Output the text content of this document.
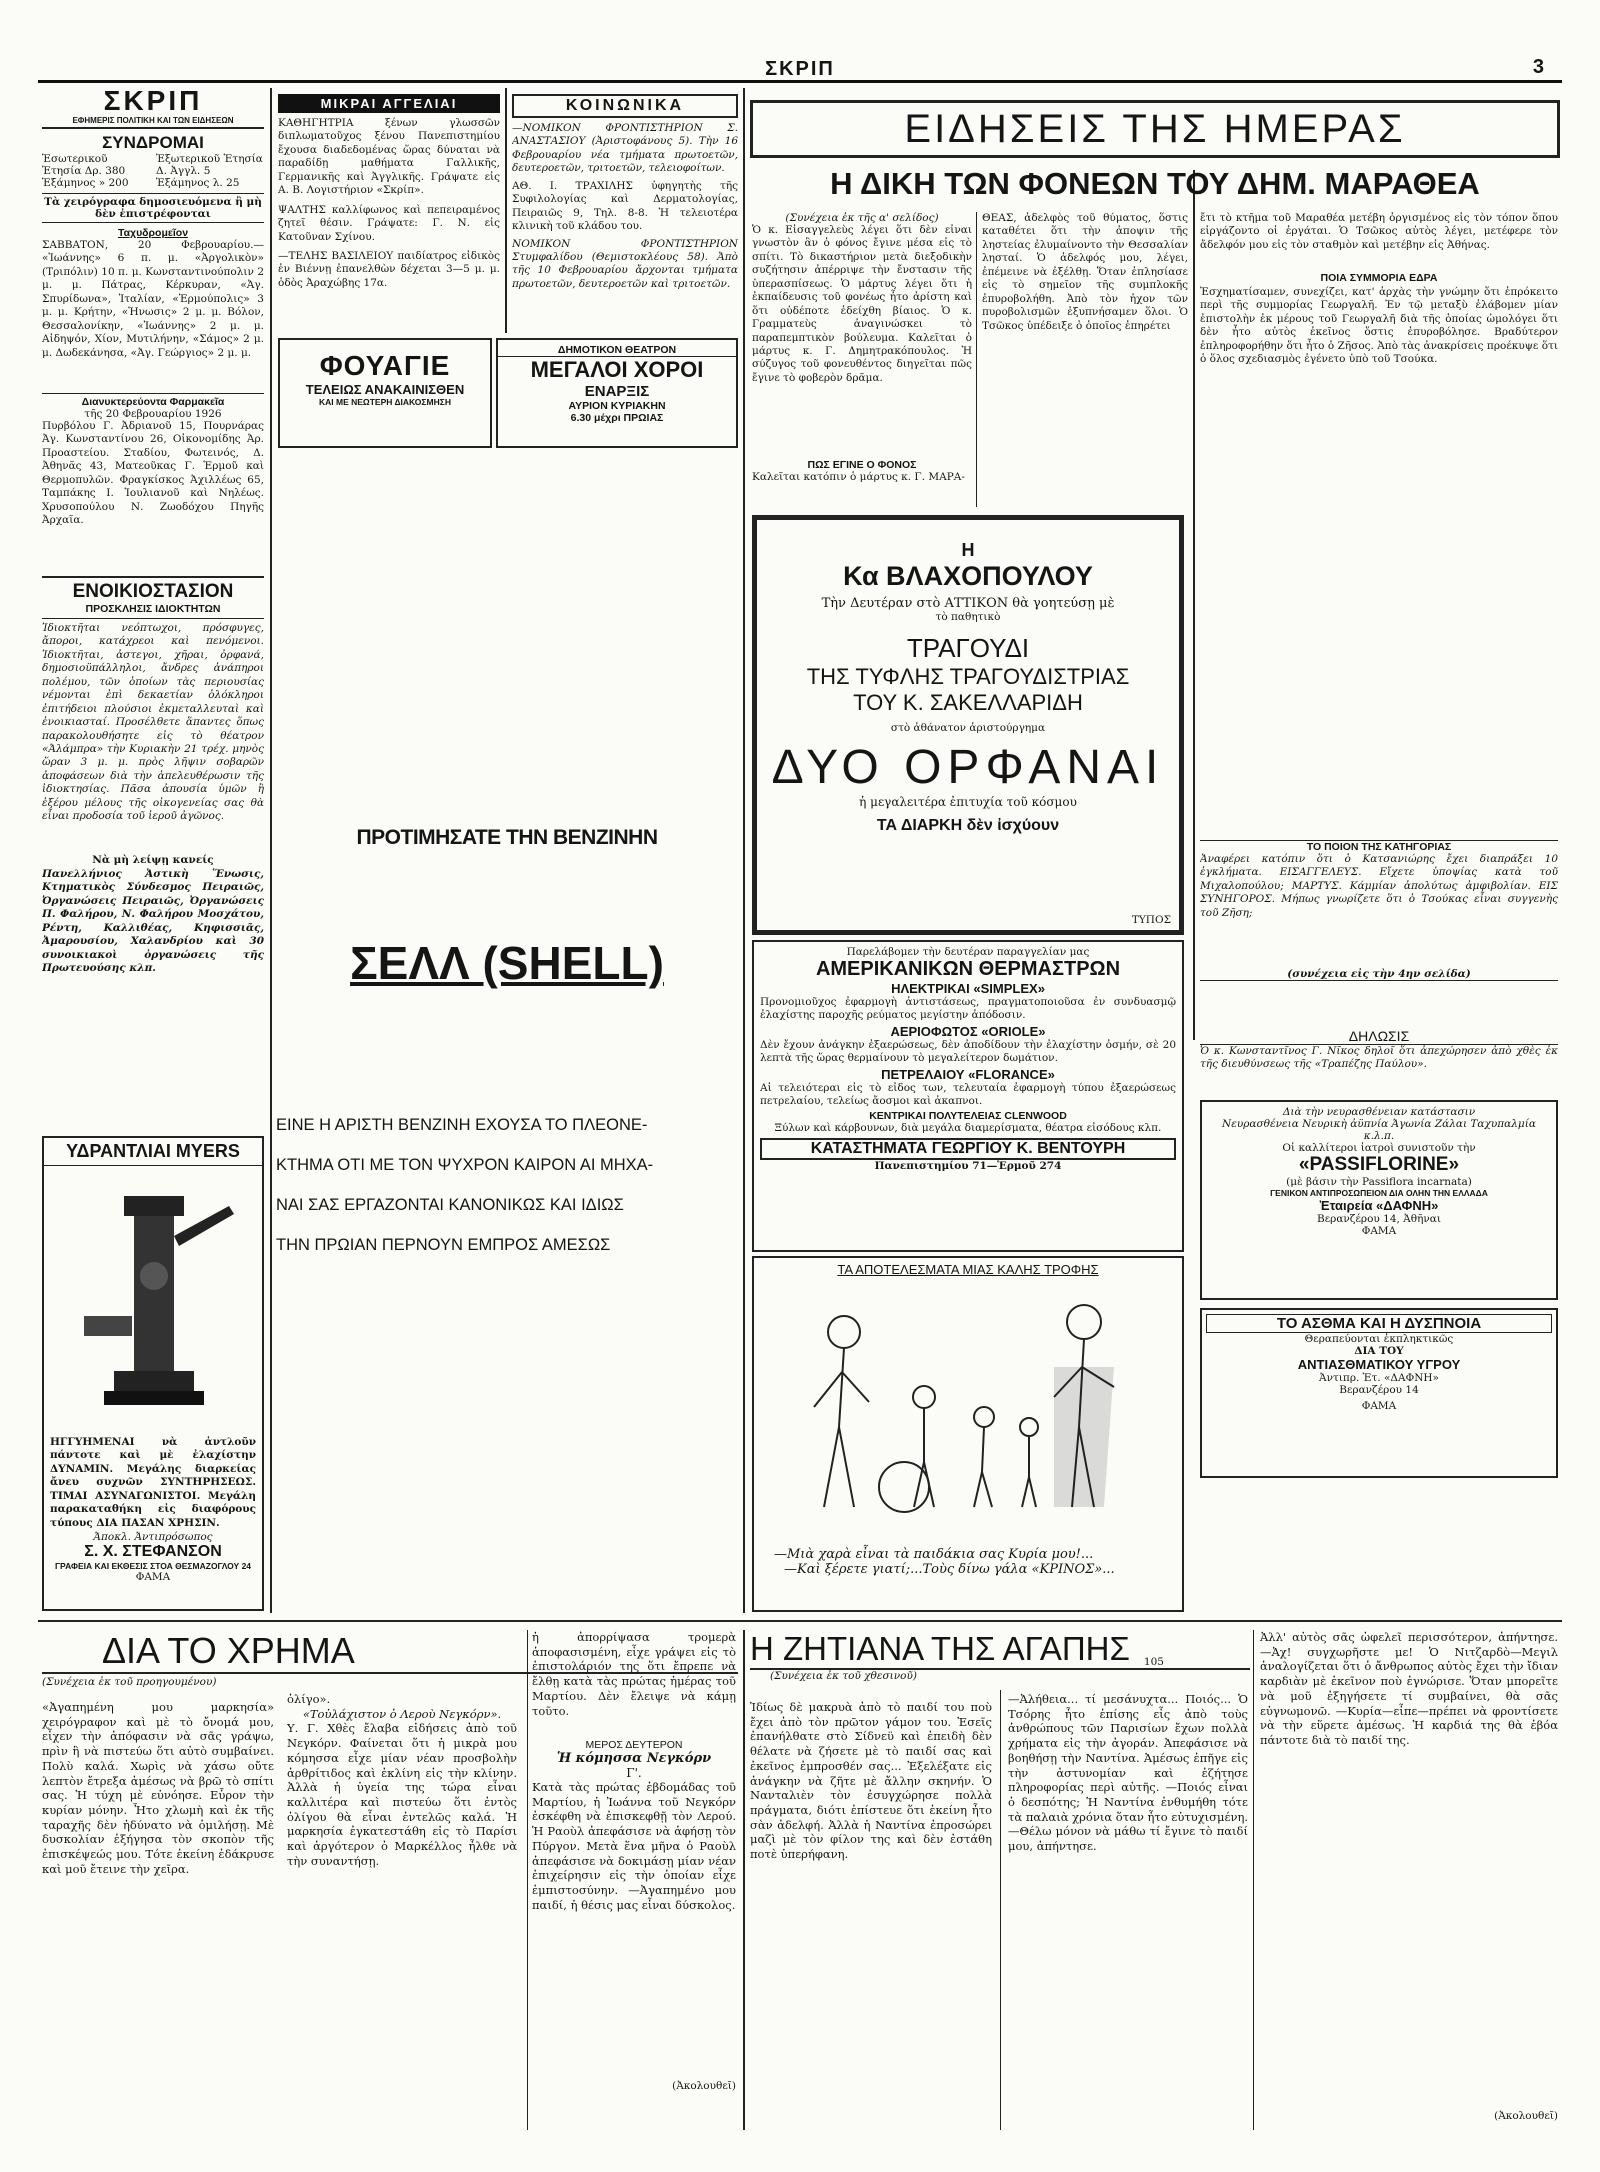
ΣΚΡΙΠ	3
ΣΚΡΙΠ
ΕΦΗΜΕΡΙΣ ΠΟΛΙΤΙΚΗ ΚΑΙ ΤΩΝ ΕΙΔΗΣΕΩΝ
ΣΥΝΔΡΟΜΑΙ
Ἐσωτερικοῦ Ἐτησία Δρ. 380 Ἑξάμηνος » 200
Ἐξωτερικοῦ Ἐτησία Δ. Ἀγγλ. 5 Ἑξάμηνος λ. 25
Τὰ χειρόγραφα δημοσιευόμενα ἢ μὴ δὲν ἐπιστρέφονται
Ταχυδρομεῖον
ΣΑΒΒΑΤΟΝ, 20 Φεβρουαρίου.— «Ἰωάννης» 6 π. μ. «Ἀργολικὸν» (Τριπόλιν) 10 π. μ. Κωνσταντινούπολιν 2 μ. μ. Πάτρας, Κέρκυραν, «Ἀγ. Σπυρίδωνα», Ἰταλίαν, «Ἑρμούπολις» 3 μ. μ. Κρήτην, «Ἡνωσις» 2 μ. μ. Βόλον, Θεσσαλονίκην, «Ἰωάννης» 2 μ. μ. Αἰδηψόν, Χίον, Μυτιλήνην, «Σάμος» 2 μ. μ. Δωδεκάνησα, «Ἀγ. Γεώργιος» 2 μ. μ.
Διανυκτερεύοντα Φαρμακεῖα
τῆς 20 Φεβρουαρίου 1926
Πυρβόλου Γ. Ἀδριανοῦ 15, Πουρνάρας Ἀγ. Κωνσταντίνου 26, Οἰκονομίδης Ἀρ. Προαστείου. Σταδίου, Φωτεινός, Δ. Ἀθηνᾶς 43, Ματεοῦκας Γ. Ἑρμοῦ καὶ Θερμοπυλῶν. Φραγκίσκος Ἀχιλλέως 65, Ταμπάκης Ι. Ἰουλιανοῦ καὶ Νηλέως. Χρυσοπούλου Ν. Ζωοδόχου Πηγῆς Ἀρχαῖα.
ΕΝΟΙΚΙΟΣΤΑΣΙΟΝ
ΠΡΟΣΚΛΗΣΙΣ ΙΔΙΟΚΤΗΤΩΝ
Ἰδιοκτῆται νεόπτωχοι, πρόσφυγες, ἄποροι, κατάχρεοι καὶ πενόμενοι. Ἰδιοκτῆται, ἀστεγοι, χῆραι, ὀρφανά, δημοσιοϋπάλληλοι, ἄνδρες ἀνάπηροι πολέμου, τῶν ὁποίων τὰς περιουσίας νέμονται ἐπὶ δεκαετίαν ὁλόκληροι ἐπιτήδειοι πλούσιοι ἐκμεταλλευταὶ καὶ ἐνοικιασταί. Προσέλθετε ἅπαντες ὅπως παρακολουθήσητε εἰς τὸ θέατρον «Ἀλάμπρα» τὴν Κυριακὴν 21 τρέχ. μηνὸς ὥραν 3 μ. μ. πρὸς λῆψιν σοβαρῶν ἀποφάσεων διὰ τὴν ἀπελευθέρωσιν τῆς ἰδιοκτησίας. Πᾶσα ἀπουσία ὑμῶν ἢ ἑξέρου μέλους τῆς οἰκογενείας σας θὰ εἶναι προδοσία τοῦ ἱεροῦ ἀγῶνος.
Νὰ μὴ λείψῃ κανείς
Πανελλήνιος Ἀστικὴ Ἕνωσις, Κτηματικὸς Σύνδεσμος Πειραιῶς, Ὀργανώσεις Πειραιῶς, Ὀργανώσεις Π. Φαλήρου, Ν. Φαλήρου Μοσχάτου, Ρέντη, Καλλιθέας, Κηφισσιᾶς, Ἀμαρουσίου, Χαλανδρίου καὶ 30 συνοικιακοὶ ὀργανώσεις τῆς Πρωτευούσης κλπ.
ΥΔΡΑΝΤΛΙΑΙ ΜΥΕRS
ΗΓΓΥΗΜΕΝΑΙ νὰ ἀντλοῦν πάντοτε καὶ μὲ ἐλαχίστην ΔΥΝΑΜΙΝ. Μεγάλης διαρκείας ἄνευ συχνῶν ΣΥΝΤΗΡΗΣΕΩΣ. ΤΙΜΑΙ ΑΣΥΝΑΓΩΝΙΣΤΟΙ. Μεγάλη παρακαταθήκη εἰς διαφόρους τύπους ΔΙΑ ΠΑΣΑΝ ΧΡΗΣΙΝ.
Ἀποκλ. Ἀντιπρόσωπος
Σ. Χ. ΣΤΕΦΑΝΣΟΝ
ΓΡΑΦΕΙΑ ΚΑΙ ΕΚΘΕΣΙΣ ΣΤΟΑ ΘΕΣΜΑΖΟΓΛΟΥ 24
ΦΑΜΑ
ΜΙΚΡΑΙ ΑΓΓΕΛΙΑΙ
ΚΑΘΗΓΗΤΡΙΑ ξένων γλωσσῶν διπλωματοῦχος ξένου Πανεπιστημίου ἔχουσα διαδεδομένας ὥρας δύναται νὰ παραδίδῃ μαθήματα Γαλλικῆς, Γερμανικῆς καὶ Ἀγγλικῆς. Γράψατε εἰς Α. Β. Λογιστήριον «Σκρίπ».
ΨΑΛΤΗΣ καλλίφωνος καὶ πεπειραμένος ζητεῖ θέσιν. Γράψατε: Γ. Ν. εἰς Κατοῦναν Σχίνου.
—ΤΕΛΗΣ ΒΑΣΙΛΕΙΟΥ παιδίατρος εἰδικὸς ἐν Βιέννῃ ἐπανελθὼν δέχεται 3—5 μ. μ. ὁδὸς Ἀραχώβης 17α.
ΚΟΙΝΩΝΙΚΑ
—ΝΟΜΙΚΟΝ ΦΡΟΝΤΙΣΤΗΡΙΟΝ Σ. ΑΝΑΣΤΑΣΙΟΥ (Ἀριστοφάνους 5). Τὴν 16 Φεβρουαρίου νέα τμήματα πρωτοετῶν, δευτεροετῶν, τριτοετῶν, τελειοφοίτων.
ΑΘ. Ι. ΤΡΑΧΙΛΗΣ ὑφηγητὴς τῆς Συφιλολογίας καὶ Δερματολογίας, Πειραιῶς 9, Τηλ. 8-8. Ἡ τελειοτέρα κλινικὴ τοῦ κλάδου του.
ΝΟΜΙΚΟΝ ΦΡΟΝΤΙΣΤΗΡΙΟΝ Στυμφαλίδου (Θεμιστοκλέους 58). Ἀπὸ τῆς 10 Φεβρουαρίου ἄρχονται τμήματα πρωτοετῶν, δευτεροετῶν καὶ τριτοετῶν.
ΦΟΥΑΓΙΕ
ΤΕΛΕΙΩΣ ΑΝΑΚΑΙΝΙΣΘΕΝ
ΚΑΙ ΜΕ ΝΕΩΤΕΡΗ ΔΙΑΚΟΣΜΗΣΗ
ΔΗΜΟΤΙΚΟΝ ΘΕΑΤΡΟΝ
ΜΕΓΑΛΟΙ ΧΟΡΟΙ
ΕΝΑΡΞΙΣ
ΑΥΡΙΟΝ ΚΥΡΙΑΚΗΝ
6.30 μέχρι ΠΡΩΙΑΣ
ΠΡΟΤΙΜΗΣΑΤΕ ΤΗΝ ΒΕΝΖΙΝΗΝ
ΣΕΛΛ (SHELL)
ΕΙΝΕ Η ΑΡΙΣΤΗ ΒΕΝΖΙΝΗ ΕΧΟΥΣΑ ΤΟ ΠΛΕΟΝΕ-
ΚΤΗΜΑ ΟΤΙ ΜΕ ΤΟΝ ΨΥΧΡΟΝ ΚΑΙΡΟΝ ΑΙ ΜΗΧΑ-
ΝΑΙ ΣΑΣ ΕΡΓΑΖΟΝΤΑΙ ΚΑΝΟΝΙΚΩΣ ΚΑΙ ΙΔΙΩΣ
ΤΗΝ ΠΡΩΙΑΝ ΠΕΡΝΟΥΝ ΕΜΠΡΟΣ ΑΜΕΣΩΣ
ΕΙΔΗΣΕΙΣ ΤΗΣ ΗΜΕΡΑΣ
Η ΔΙΚΗ ΤΩΝ ΦΟΝΕΩΝ ΤΟΥ ΔΗΜ. ΜΑΡΑΘΕΑ
(Συνέχεια ἐκ τῆς α' σελίδος)
Ὁ κ. Εἰσαγγελεὺς λέγει ὅτι δὲν εἶναι γνωστὸν ἂν ὁ φόνος ἔγινε μέσα εἰς τὸ σπίτι. Τὸ δικαστήριον μετὰ διεξοδικὴν συζήτησιν ἀπέρριψε τὴν ἔνστασιν τῆς ὑπερασπίσεως. Ὁ μάρτυς λέγει ὅτι ἡ ἐκπαίδευσις τοῦ φονέως ἦτο ἀρίστη καὶ ὅτι οὐδέποτε ἐδείχθη βίαιος. Ὁ κ. Γραμματεὺς ἀναγινώσκει τὸ παραπεμπτικὸν βούλευμα. Καλεῖται ὁ μάρτυς κ. Γ. Δημητρακόπουλος. Ἡ σύζυγος τοῦ φονευθέντος διηγεῖται πῶς ἔγινε τὸ φοβερὸν δρᾶμα.
ΠΩΣ ΕΓΙΝΕ Ο ΦΟΝΟΣ
Καλεῖται κατόπιν ὁ μάρτυς κ. Γ. ΜΑΡΑ-
ΘΕΑΣ, ἀδελφὸς τοῦ θύματος, ὅστις καταθέτει ὅτι τὴν ἀποψιν τῆς ληστείας ἐλυμαίνοντο τὴν Θεσσαλίαν λησταί. Ὁ ἀδελφός μου, λέγει, ἐπέμεινε νὰ ἐξέλθῃ. Ὅταν ἐπλησίασε εἰς τὸ σημεῖον τῆς συμπλοκῆς ἐπυροβολήθη. Ἀπὸ τὸν ἠχον τῶν πυροβολισμῶν ἐξυπνήσαμεν ὅλοι. Ὁ Τσῶκος ὑπέδειξε ὁ ὁποῖος ἐπηρέτει
ἔτι τὸ κτῆμα τοῦ Μαραθέα μετέβη ὀργισμένος εἰς τὸν τόπον ὅπου εἰργάζοντο οἱ ἐργάται. Ὁ Τσῶκος αὐτὸς λέγει, μετέφερε τὸν ἄδελφόν μου εἰς τὸν σταθμὸν καὶ μετέβην εἰς Ἀθήνας.
ΠΟΙΑ ΣΥΜΜΟΡΙΑ ΕΔΡΑ
Ἐσχηματίσαμεν, συνεχίζει, κατ' ἀρχὰς τὴν γνώμην ὅτι ἐπρόκειτο περὶ τῆς συμμορίας Γεωργαλῆ. Ἐν τῷ μεταξὺ ἐλάβομεν μίαν ἐπιστολὴν ἐκ μέρους τοῦ Γεωργαλῆ διὰ τῆς ὁποίας ὠμολόγει ὅτι δὲν ἦτο αὐτὸς ἐκεῖνος ὅστις ἐπυροβόλησε. Βραδύτερον ἐπληροφορήθην ὅτι ἦτο ὁ Ζῆσος. Ἀπὸ τὰς ἀνακρίσεις προέκυψε ὅτι ὁ ὅλος σχεδιασμὸς ἐγένετο ὑπὸ τοῦ Τσούκα.
ΤΟ ΠΟΙΟΝ ΤΗΣ ΚΑΤΗΓΟΡΙΑΣ
Ἀναφέρει κατόπιν ὅτι ὁ Κατσανιώρης ἔχει διαπράξει 10 ἐγκλήματα. ΕΙΣΑΓΓΕΛΕΥΣ. Εἴχετε ὑποψίας κατὰ τοῦ Μιχαλοπούλου; ΜΑΡΤΥΣ. Κάμμίαν ἀπολύτως ἀμφιβολίαν. ΕΙΣ ΣΥΝΗΓΟΡΟΣ. Μήπως γνωρίζετε ὅτι ὁ Τσούκας εἶναι συγγενὴς τοῦ Ζῆση;
(συνέχεια εἰς τὴν 4ην σελίδα)
Η
Κα ΒΛΑΧΟΠΟΥΛΟΥ
Τὴν Δευτέραν στὸ ΑΤΤΙΚΟΝ θὰ γοητεύσῃ μὲ
τὸ παθητικὸ
ΤΡΑΓΟΥΔΙ
ΤΗΣ ΤΥΦΛΗΣ ΤΡΑΓΟΥΔΙΣΤΡΙΑΣ
ΤΟΥ Κ. ΣΑΚΕΛΛΑΡΙΔΗ
στὸ ἀθάνατον ἀριστούργημα
ΔΥΟ ΟΡΦΑΝΑΙ
ἡ μεγαλειτέρα ἐπιτυχία τοῦ κόσμου
ΤΑ ΔΙΑΡΚΗ δὲν ἰσχύουν
ΤΥΠΟΣ
Παρελάβομεν τὴν δευτέραν παραγγελίαν μας
ΑΜΕΡΙΚΑΝΙΚΩΝ ΘΕΡΜΑΣΤΡΩΝ
ΗΛΕΚΤΡΙΚΑΙ «SIMPLEX»
Προνομιοῦχος ἐφαρμογὴ ἀντιστάσεως, πραγματοποιοῦσα ἐν συνδυασμῷ ἐλαχίστης παροχῆς ρεύματος μεγίστην ἀπόδοσιν.
ΑΕΡΙΟΦΩΤΟΣ «ORIOLE»
Δὲν ἔχουν ἀνάγκην ἐξαερώσεως, δὲν ἀποδίδουν τὴν ἐλαχίστην ὀσμήν, σὲ 20 λεπτὰ τῆς ὥρας θερμαίνουν τὸ μεγαλείτερον δωμάτιον.
ΠΕΤΡΕΛΑΙΟΥ «FLORANCE»
Αἱ τελειότεραι εἰς τὸ εἶδος των, τελευταία ἐφαρμογὴ τύπου ἐξαερώσεως πετρελαίου, τελείως ἄοσμοι καὶ ἀκαπνοι.
ΚΕΝΤΡΙΚΑΙ ΠΟΛΥΤΕΛΕΙΑΣ CLENWOOD
Ξύλων καὶ κάρβουνων, διὰ μεγάλα διαμερίσματα, θέατρα εἰσόδους κλπ.
ΚΑΤΑΣΤΗΜΑΤΑ ΓΕΩΡΓΙΟΥ Κ. ΒΕΝΤΟΥΡΗ
Πανεπιστημίου 71—Ἑρμοῦ 274
ΤΑ ΑΠΟΤΕΛΕΣΜΑΤΑ ΜΙΑΣ ΚΑΛΗΣ ΤΡΟΦΗΣ
—Μιὰ χαρὰ εἶναι τὰ παιδάκια σας Κυρία μου!...
—Καὶ ξέρετε γιατί;...Τοὺς δίνω γάλα «ΚΡΙΝΟΣ»...
ΔΗΛΩΣΙΣ
Ὁ κ. Κωνσταντῖνος Γ. Νῖκος δηλοῖ ὅτι ἀπεχώρησεν ἀπὸ χθὲς ἐκ τῆς διευθύνσεως τῆς «Τραπέζης Παύλου».
Διὰ τὴν νευρασθένειαν κατάστασιν
Νευρασθένεια Νευρικὴ ἀϋπνία Ἀγωνία Ζάλαι Ταχυπαλμία κ.λ.π.
Οἱ καλλίτεροι ἰατροὶ συνιστοῦν τὴν
«PASSIFLORINE»
(μὲ βάσιν τὴν Passiflora incarnata)
ΓΕΝΙΚΟΝ ΑΝΤΙΠΡΟΣΩΠΕΙΟΝ ΔΙΑ ΟΛΗΝ ΤΗΝ ΕΛΛΑΔΑ
Ἐταιρεία «ΔΑΦΝΗ»
Βερανζέρου 14, Ἀθῆναι
ΦΑΜΑ
ΤΟ ΑΣΘΜΑ ΚΑΙ Η ΔΥΣΠΝΟΙΑ
Θεραπεύονται ἐκπληκτικῶς
ΔΙΑ ΤΟΥ
ΑΝΤΙΑΣΘΜΑΤΙΚΟΥ ΥΓΡΟΥ
Ἀντιπρ. Ἑτ. «ΔΑΦΝΗ»
Βερανζέρου 14
ΦΑΜΑ
ΔΙΑ ΤΟ ΧΡΗΜΑ
(Συνέχεια ἐκ τοῦ προηγουμένου)
«Ἀγαπημένη μου μαρκησία» χειρόγραφον καὶ μὲ τὸ ὄνομά μου, εἶχεν τὴν ἀπόφασιν νὰ σᾶς γράψω, πρὶν ἢ νὰ πιστεύω ὅτι αὐτὸ συμβαίνει. Πολὺ καλά. Χωρὶς νὰ χάσω οὔτε λεπτὸν ἔτρεξα ἀμέσως νὰ βρῶ τὸ σπίτι σας. Ἡ τύχη μὲ εὐνόησε. Εὗρον τὴν κυρίαν μόνην. Ἦτο χλωμὴ καὶ ἐκ τῆς ταραχῆς δὲν ἠδύνατο νὰ ὁμιλήσῃ. Μὲ δυσκολίαν ἐξήγησα τὸν σκοπὸν τῆς ἐπισκέψεώς μου. Τότε ἐκείνη ἐδάκρυσε καὶ μοῦ ἔτεινε τὴν χεῖρα.
ὀλίγο».
«Τοὐλάχιστον ὁ Λεροὺ Νεγκόρν».
Υ. Γ. Χθὲς ἔλαβα εἰδήσεις ἀπὸ τοῦ Νεγκόρν. Φαίνεται ὅτι ἡ μικρὰ μου κόμησσα εἶχε μίαν νέαν προσβολὴν ἀρθρίτιδος καὶ ἐκλίνη εἰς τὴν κλίνην. Ἀλλὰ ἡ ὑγεία της τώρα εἶναι καλλιτέρα καὶ πιστεύω ὅτι ἐντὸς ὀλίγου θὰ εἶναι ἐντελῶς καλά. Ἡ μαρκησία ἐγκατεστάθη εἰς τὸ Παρίσι καὶ ἀργότερον ὁ Μαρκέλλος ἦλθε νὰ τὴν συναντήσῃ.
ἡ ἀπορρίψασα τρομερὰ ἀποφασισμένη, εἶχε γράψει εἰς τὸ ἐπιστολάριόν της ὅτι ἔπρεπε νὰ ἔλθῃ κατὰ τὰς πρώτας ἡμέρας τοῦ Μαρτίου. Δὲν ἔλειψε νὰ κάμῃ τοῦτο.
ΜΕΡΟΣ ΔΕΥΤΕΡΟΝ
Ἡ κόμησσα Νεγκόρν
Γ'.
Κατὰ τὰς πρώτας ἑβδομάδας τοῦ Μαρτίου, ἡ Ἰωάννα τοῦ Νεγκόρν ἐσκέφθη νὰ ἐπισκεφθῇ τὸν Λερού. Ἡ Ραοὺλ ἀπεφάσισε νὰ ἀφήσῃ τὸν Πύργον. Μετὰ ἕνα μῆνα ὁ Ραοὺλ ἀπεφάσισε νὰ δοκιμάσῃ μίαν νέαν ἐπιχείρησιν εἰς τὴν ὁποίαν εἶχε ἐμπιστοσύνην. —Ἀγαπημένο μου παιδί, ἡ θέσις μας εἶναι δύσκολος.
(Ἀκολουθεῖ)
Η ΖΗΤΙΑΝΑ ΤΗΣ ΑΓΑΠΗΣ 105
(Συνέχεια ἐκ τοῦ χθεσινοῦ)
Ἰδίως δὲ μακρυὰ ἀπὸ τὸ παιδί του ποὺ ἔχει ἀπὸ τὸν πρῶτον γάμον του. Ἐσεῖς ἐπανήλθατε στὸ Σίδνεϋ καὶ ἐπειδὴ δὲν θέλατε νὰ ζήσετε μὲ τὸ παιδί σας καὶ ἐκεῖνος ἐμπροσθέν σας... Ἐξελέξατε εἰς ἀνάγκην νὰ ζῆτε μὲ ἄλλην σκηνήν. Ὁ Νανταλιὲν τὸν ἐσυγχώρησε πολλὰ πράγματα, διότι ἐπίστευε ὅτι ἐκείνη ἦτο σὰν ἀδελφή. Ἀλλὰ ἡ Ναντίνα ἐπροσώρει μαζὶ μὲ τὸν φίλον της καὶ δὲν ἐστάθη ποτὲ ὑπερήφανη.
—Ἀλήθεια... τί μεσάνυχτα... Ποιός... Ὁ Τσόρης ἦτο ἐπίσης εἷς ἀπὸ τοὺς ἀνθρώπους τῶν Παρισίων ἔχων πολλὰ χρήματα εἰς τὴν ἀγοράν. Ἀπεφάσισε νὰ βοηθήσῃ τὴν Ναντίνα. Ἀμέσως ἐπῆγε εἰς τὴν ἀστυνομίαν καὶ ἐζήτησε πληροφορίας περὶ αὐτῆς. —Ποιός εἶναι ὁ δεσπότης; Ἡ Ναντίνα ἐνθυμήθη τότε τὰ παλαιὰ χρόνια ὅταν ἦτο εὐτυχισμένη. —Θέλω μόνον νὰ μάθω τί ἔγινε τὸ παιδί μου, ἀπήντησε.
Ἀλλ' αὐτὸς σᾶς ὠφελεῖ περισσότερον, ἀπήντησε. —Ἀχ! συγχωρῆστε με! Ὁ Νιτζαρδὸ—Μεγιλ ἀναλογίζεται ὅτι ὁ ἄνθρωπος αὐτὸς ἔχει τὴν ἴδιαν καρδιὰν μὲ ἐκεῖνον ποὺ ἐγνώρισε. Ὅταν μπορεῖτε νὰ μοῦ ἐξηγήσετε τί συμβαίνει, θὰ σᾶς εὐγνωμονῶ. —Κυρία—εἶπε—πρέπει νὰ φροντίσετε νὰ τὴν εὕρετε ἀμέσως. Ἡ καρδιά της θὰ ἐβόα πάντοτε διὰ τὸ παιδί της.
(Ἀκολουθεῖ)
